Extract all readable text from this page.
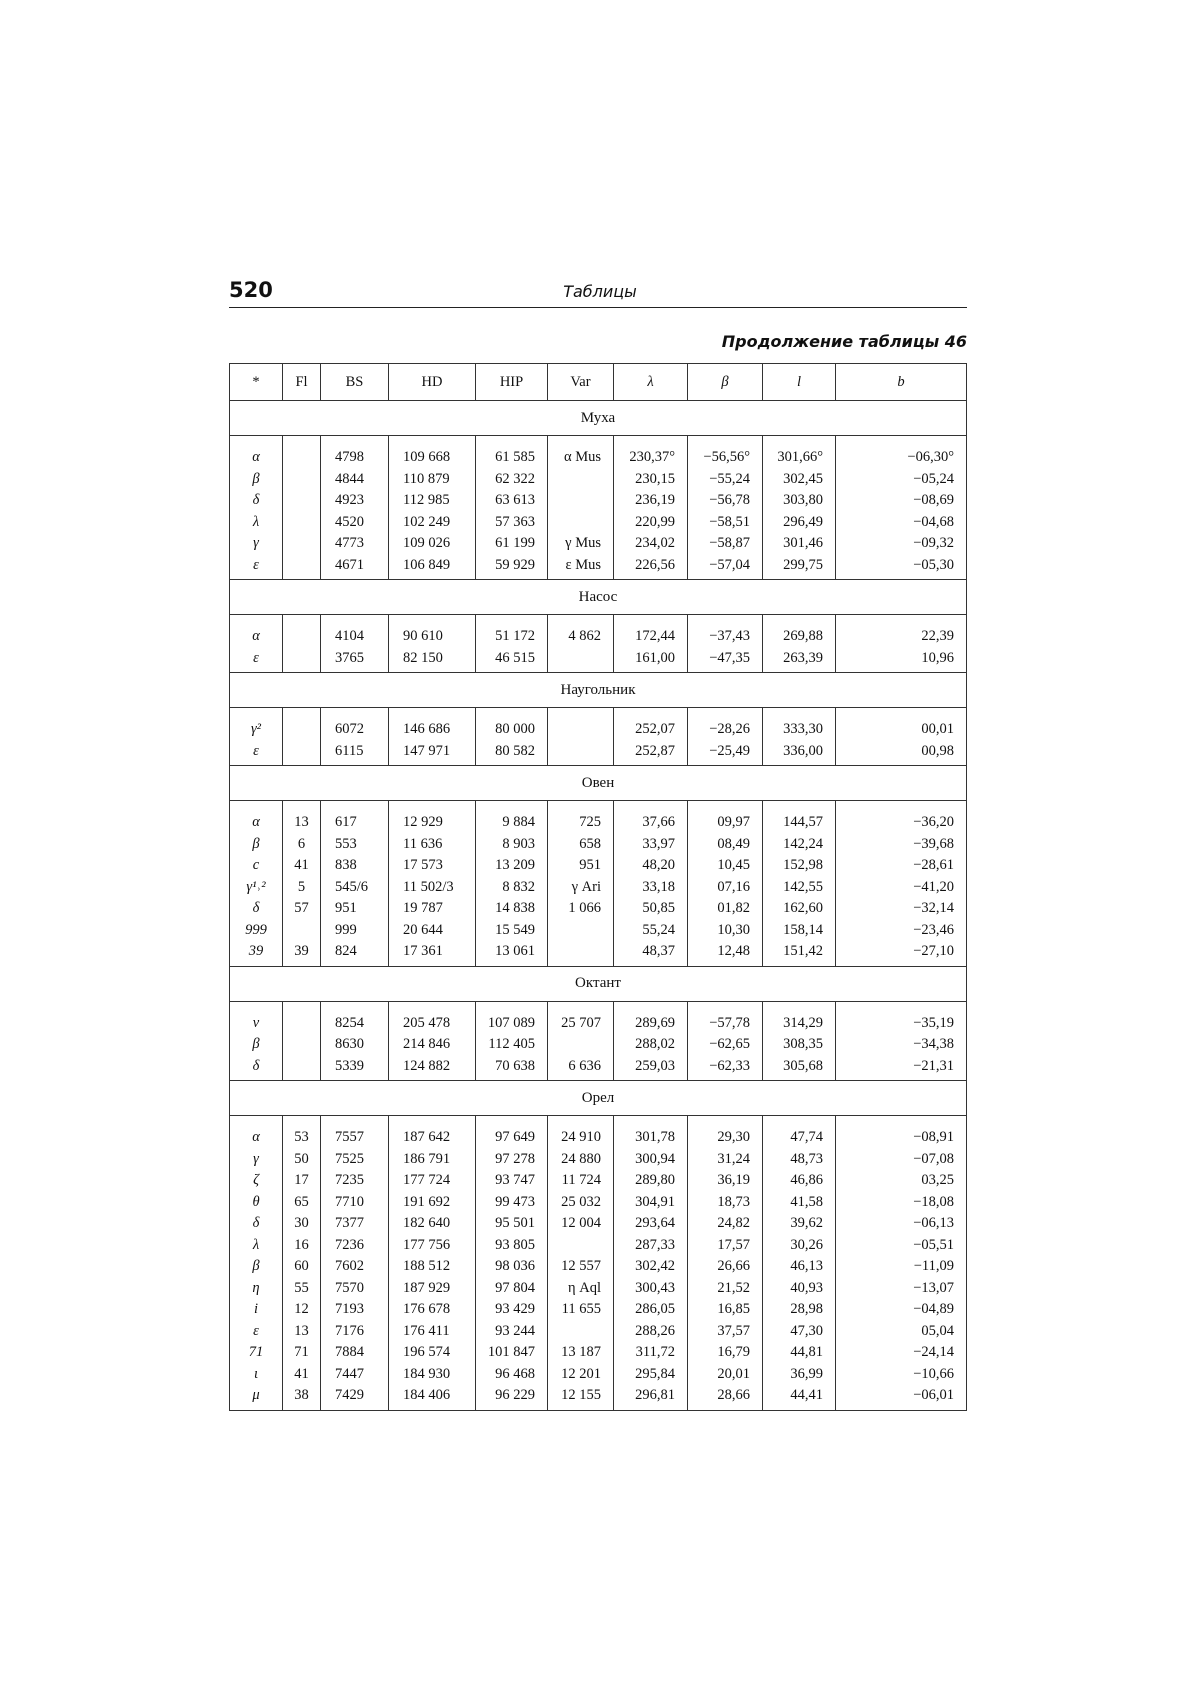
520	Таблицы
Продолжение таблицы 46
*	Fl	BS	HD	HIP	Var	λ	β	l	b
Муха									
α		4798	109 668	61 585	α Mus	230,37°	−56,56°	301,66°	−06,30°
β		4844	110 879	62 322		230,15	−55,24	302,45	−05,24
δ		4923	112 985	63 613		236,19	−56,78	303,80	−08,69
λ		4520	102 249	57 363		220,99	−58,51	296,49	−04,68
γ		4773	109 026	61 199	γ Mus	234,02	−58,87	301,46	−09,32
ε		4671	106 849	59 929	ε Mus	226,56	−57,04	299,75	−05,30
Насос									
α		4104	90 610	51 172	4 862	172,44	−37,43	269,88	22,39
ε		3765	82 150	46 515		161,00	−47,35	263,39	10,96
Наугольник									
γ²		6072	146 686	80 000		252,07	−28,26	333,30	00,01
ε		6115	147 971	80 582		252,87	−25,49	336,00	00,98
Овен									
α	13	617	12 929	9 884	725	37,66	09,97	144,57	−36,20
β	6	553	11 636	8 903	658	33,97	08,49	142,24	−39,68
c	41	838	17 573	13 209	951	48,20	10,45	152,98	−28,61
γ¹˒²	5	545/6	11 502/3	8 832	γ Ari	33,18	07,16	142,55	−41,20
δ	57	951	19 787	14 838	1 066	50,85	01,82	162,60	−32,14
999		999	20 644	15 549		55,24	10,30	158,14	−23,46
39	39	824	17 361	13 061		48,37	12,48	151,42	−27,10
Октант									
ν		8254	205 478	107 089	25 707	289,69	−57,78	314,29	−35,19
β		8630	214 846	112 405		288,02	−62,65	308,35	−34,38
δ		5339	124 882	70 638	6 636	259,03	−62,33	305,68	−21,31
Орел									
α	53	7557	187 642	97 649	24 910	301,78	29,30	47,74	−08,91
γ	50	7525	186 791	97 278	24 880	300,94	31,24	48,73	−07,08
ζ	17	7235	177 724	93 747	11 724	289,80	36,19	46,86	03,25
θ	65	7710	191 692	99 473	25 032	304,91	18,73	41,58	−18,08
δ	30	7377	182 640	95 501	12 004	293,64	24,82	39,62	−06,13
λ	16	7236	177 756	93 805		287,33	17,57	30,26	−05,51
β	60	7602	188 512	98 036	12 557	302,42	26,66	46,13	−11,09
η	55	7570	187 929	97 804	η Aql	300,43	21,52	40,93	−13,07
i	12	7193	176 678	93 429	11 655	286,05	16,85	28,98	−04,89
ε	13	7176	176 411	93 244		288,26	37,57	47,30	05,04
71	71	7884	196 574	101 847	13 187	311,72	16,79	44,81	−24,14
ι	41	7447	184 930	96 468	12 201	295,84	20,01	36,99	−10,66
μ	38	7429	184 406	96 229	12 155	296,81	28,66	44,41	−06,01
